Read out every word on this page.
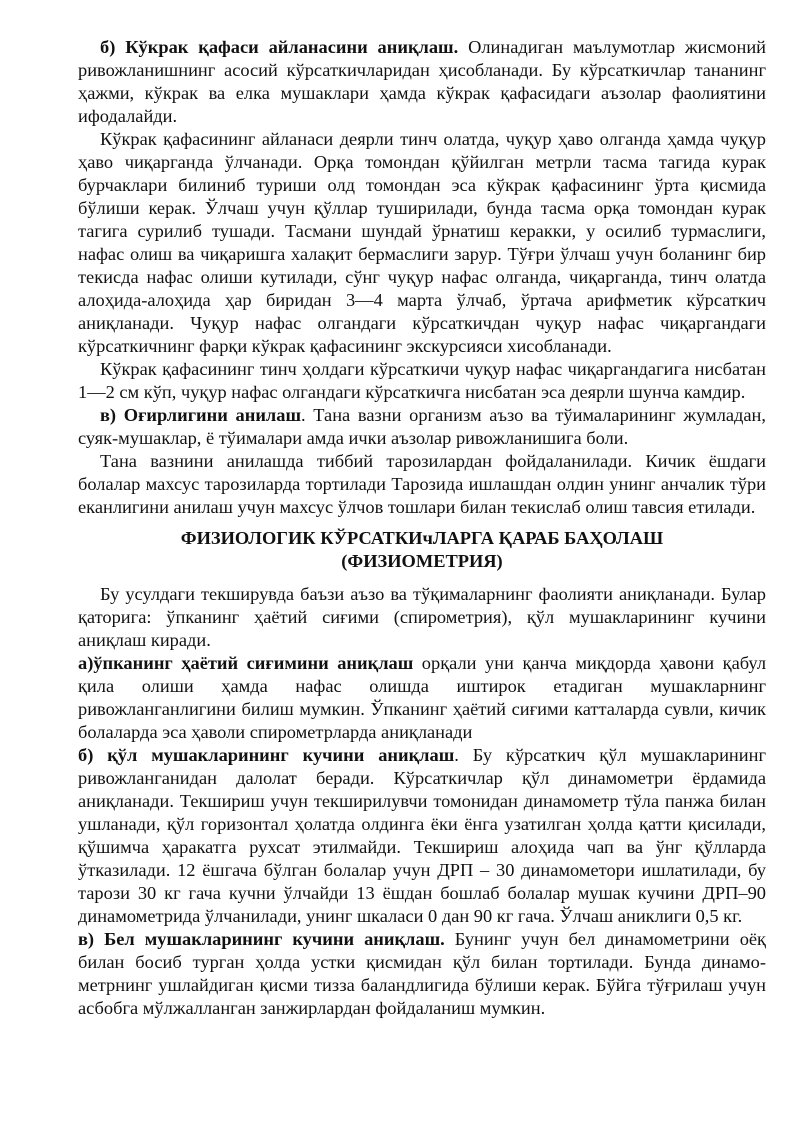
б) Кўкрак қафаси айланасини аниқлаш. Олинадиган маълумотлар жисмоний ривожланишнинг асосий кўрсаткичларидан ҳисобланади. Бу кўрсаткичлар тананинг ҳажми, кўкрак ва елка мушаклари ҳамда кўкрак қафасидаги аъзолар фаолиятини ифодалайди.

Кўкрак қафасининг айланаси деярли тинч олатда, чуқур ҳаво олганда ҳамда чуқур ҳаво чиқарганда ўлчанади. Орқа томондан қўйилган метрли тасма тагида курак бурчаклари билиниб туриши олд томондан эса кўкрак қафасининг ўрта қисмида бўлиши керак. Ўлчаш учун қўллар туширилади, бунда тасма орқа томондан курак тагига сурилиб тушади. Тасмани шундай ўрнатиш керакки, у осилиб турмаслиги, нафас олиш ва чиқаришга халақит бермаслиги зарур. Тўғри ўлчаш учун боланинг бир текисда нафас олиши кутилади, сўнг чуқур нафас олганда, чиқарганда, тинч олатда алоҳида-алоҳида ҳар биридан 3—4 марта ўлчаб, ўртача арифметик кўрсаткич аниқланади. Чуқур нафас олгандаги кўрсаткичдан чуқур нафас чиқаргандаги кўрсаткичнинг фарқи кўкрак қафасининг экскурсияси хисобланади.

Кўкрак қафасининг тинч ҳолдаги кўрсаткичи чуқур нафас чиқаргандагига нисбатан 1—2 см кўп, чуқур нафас олгандаги кўрсаткичга нисбатан эса деярли шунча камдир.

в) Оғирлигини анилаш. Тана вазни организм аъзо ва тўималарининг жумладан, суяк-мушаклар, ё тўималари амда ички аъзолар ривожланишига боли.

Тана вазнини анилашда тиббий тарозилардан фойдаланилади. Кичик ёшдаги болалар махсус тарозиларда тортилади Тарозида ишлашдан олдин унинг анчалик тўри еканлигини анилаш учун махсус ўлчов тошлари билан текислаб олиш тавсия етилади.

ФИЗИОЛОГИК КЎРСАТКИчЛАРГА ҚАРАБ БАҲОЛАШ
(ФИЗИОМЕТРИЯ)

Бу усулдаги текширувда баъзи аъзо ва тўқималарнинг фаолияти аниқланади. Булар қаторига: ўпканинг ҳаётий сиғими (спирометрия), қўл мушакларининг кучини аниқлаш киради.

а)ўпканинг ҳаётий сиғимини аниқлаш орқали уни қанча миқдорда ҳавони қабул қила олиши ҳамда нафас олишда иштирок етадиган мушакларнинг ривожланганлигини билиш мумкин. Ўпканинг ҳаётий сиғими катталарда сувли, кичик болаларда эса ҳаволи спирометрларда аниқланади

б) қўл мушакларининг кучини аниқлаш. Бу кўрсаткич қўл мушакларининг ривожланганидан далолат беради. Кўрсаткичлар қўл динамометри ёрдамида аниқланади. Текшириш учун текширилувчи томонидан динамометр тўла панжа билан ушланади, қўл горизонтал ҳолатда олдинга ёки ёнга узатилган ҳолда қатти қисилади, қўшимча ҳаракатга рухсат этилмайди. Текшириш алоҳида чап ва ўнг қўлларда ўтказилади. 12 ёшгача бўлган болалар учун ДРП – 30 динамометори ишлатилади, бу тарози 30 кг гача кучни ўлчайди 13 ёшдан бошлаб болалар мушак кучини ДРП–90 динамометрида ўлчанилади, унинг шкаласи 0 дан 90 кг гача. Ўлчаш аниклиги 0,5 кг.

в) Бел мушакларининг кучини аниқлаш. Бунинг учун бел динамометрини оёқ билан босиб турган ҳолда устки қисмидан қўл билан тортилади. Бунда динамо-метрнинг ушлайдиган қисми тизза баландлигида бўлиши керак. Бўйга тўғрилаш учун асбобга мўлжалланган занжирлардан фойдаланиш мумкин.
